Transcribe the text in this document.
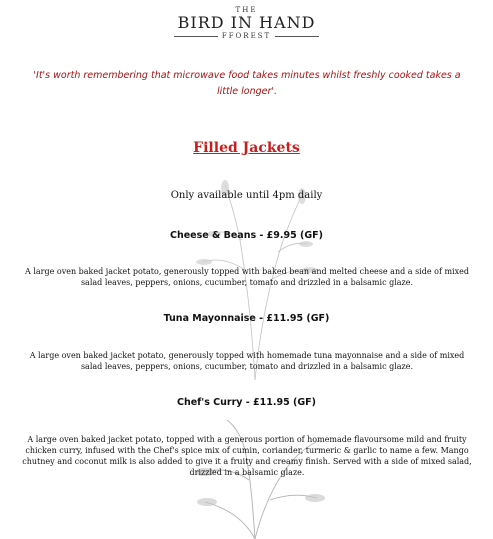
THE
BIRD IN HAND
FFOREST
'It's worth remembering that microwave food takes minutes whilst freshly cooked takes a little longer'.
Filled Jackets
Only available until 4pm daily
Cheese & Beans - £9.95 (GF)
A large oven baked jacket potato, generously topped with baked bean and melted cheese and a side of mixed salad leaves, peppers, onions, cucumber, tomato and drizzled in a balsamic glaze.
Tuna Mayonnaise - £11.95 (GF)
A large oven baked jacket potato, generously topped with homemade tuna mayonnaise and a side of mixed salad leaves, peppers, onions, cucumber, tomato and drizzled in a balsamic glaze.
Chef's Curry - £11.95 (GF)
A large oven baked jacket potato, topped with a generous portion of homemade flavoursome mild and fruity chicken curry, infused with the Chef's spice mix of cumin, coriander, turmeric & garlic to name a few. Mango chutney and coconut milk is also added to give it a fruity and creamy finish. Served with a side of mixed salad, drizzled in a balsamic glaze.
